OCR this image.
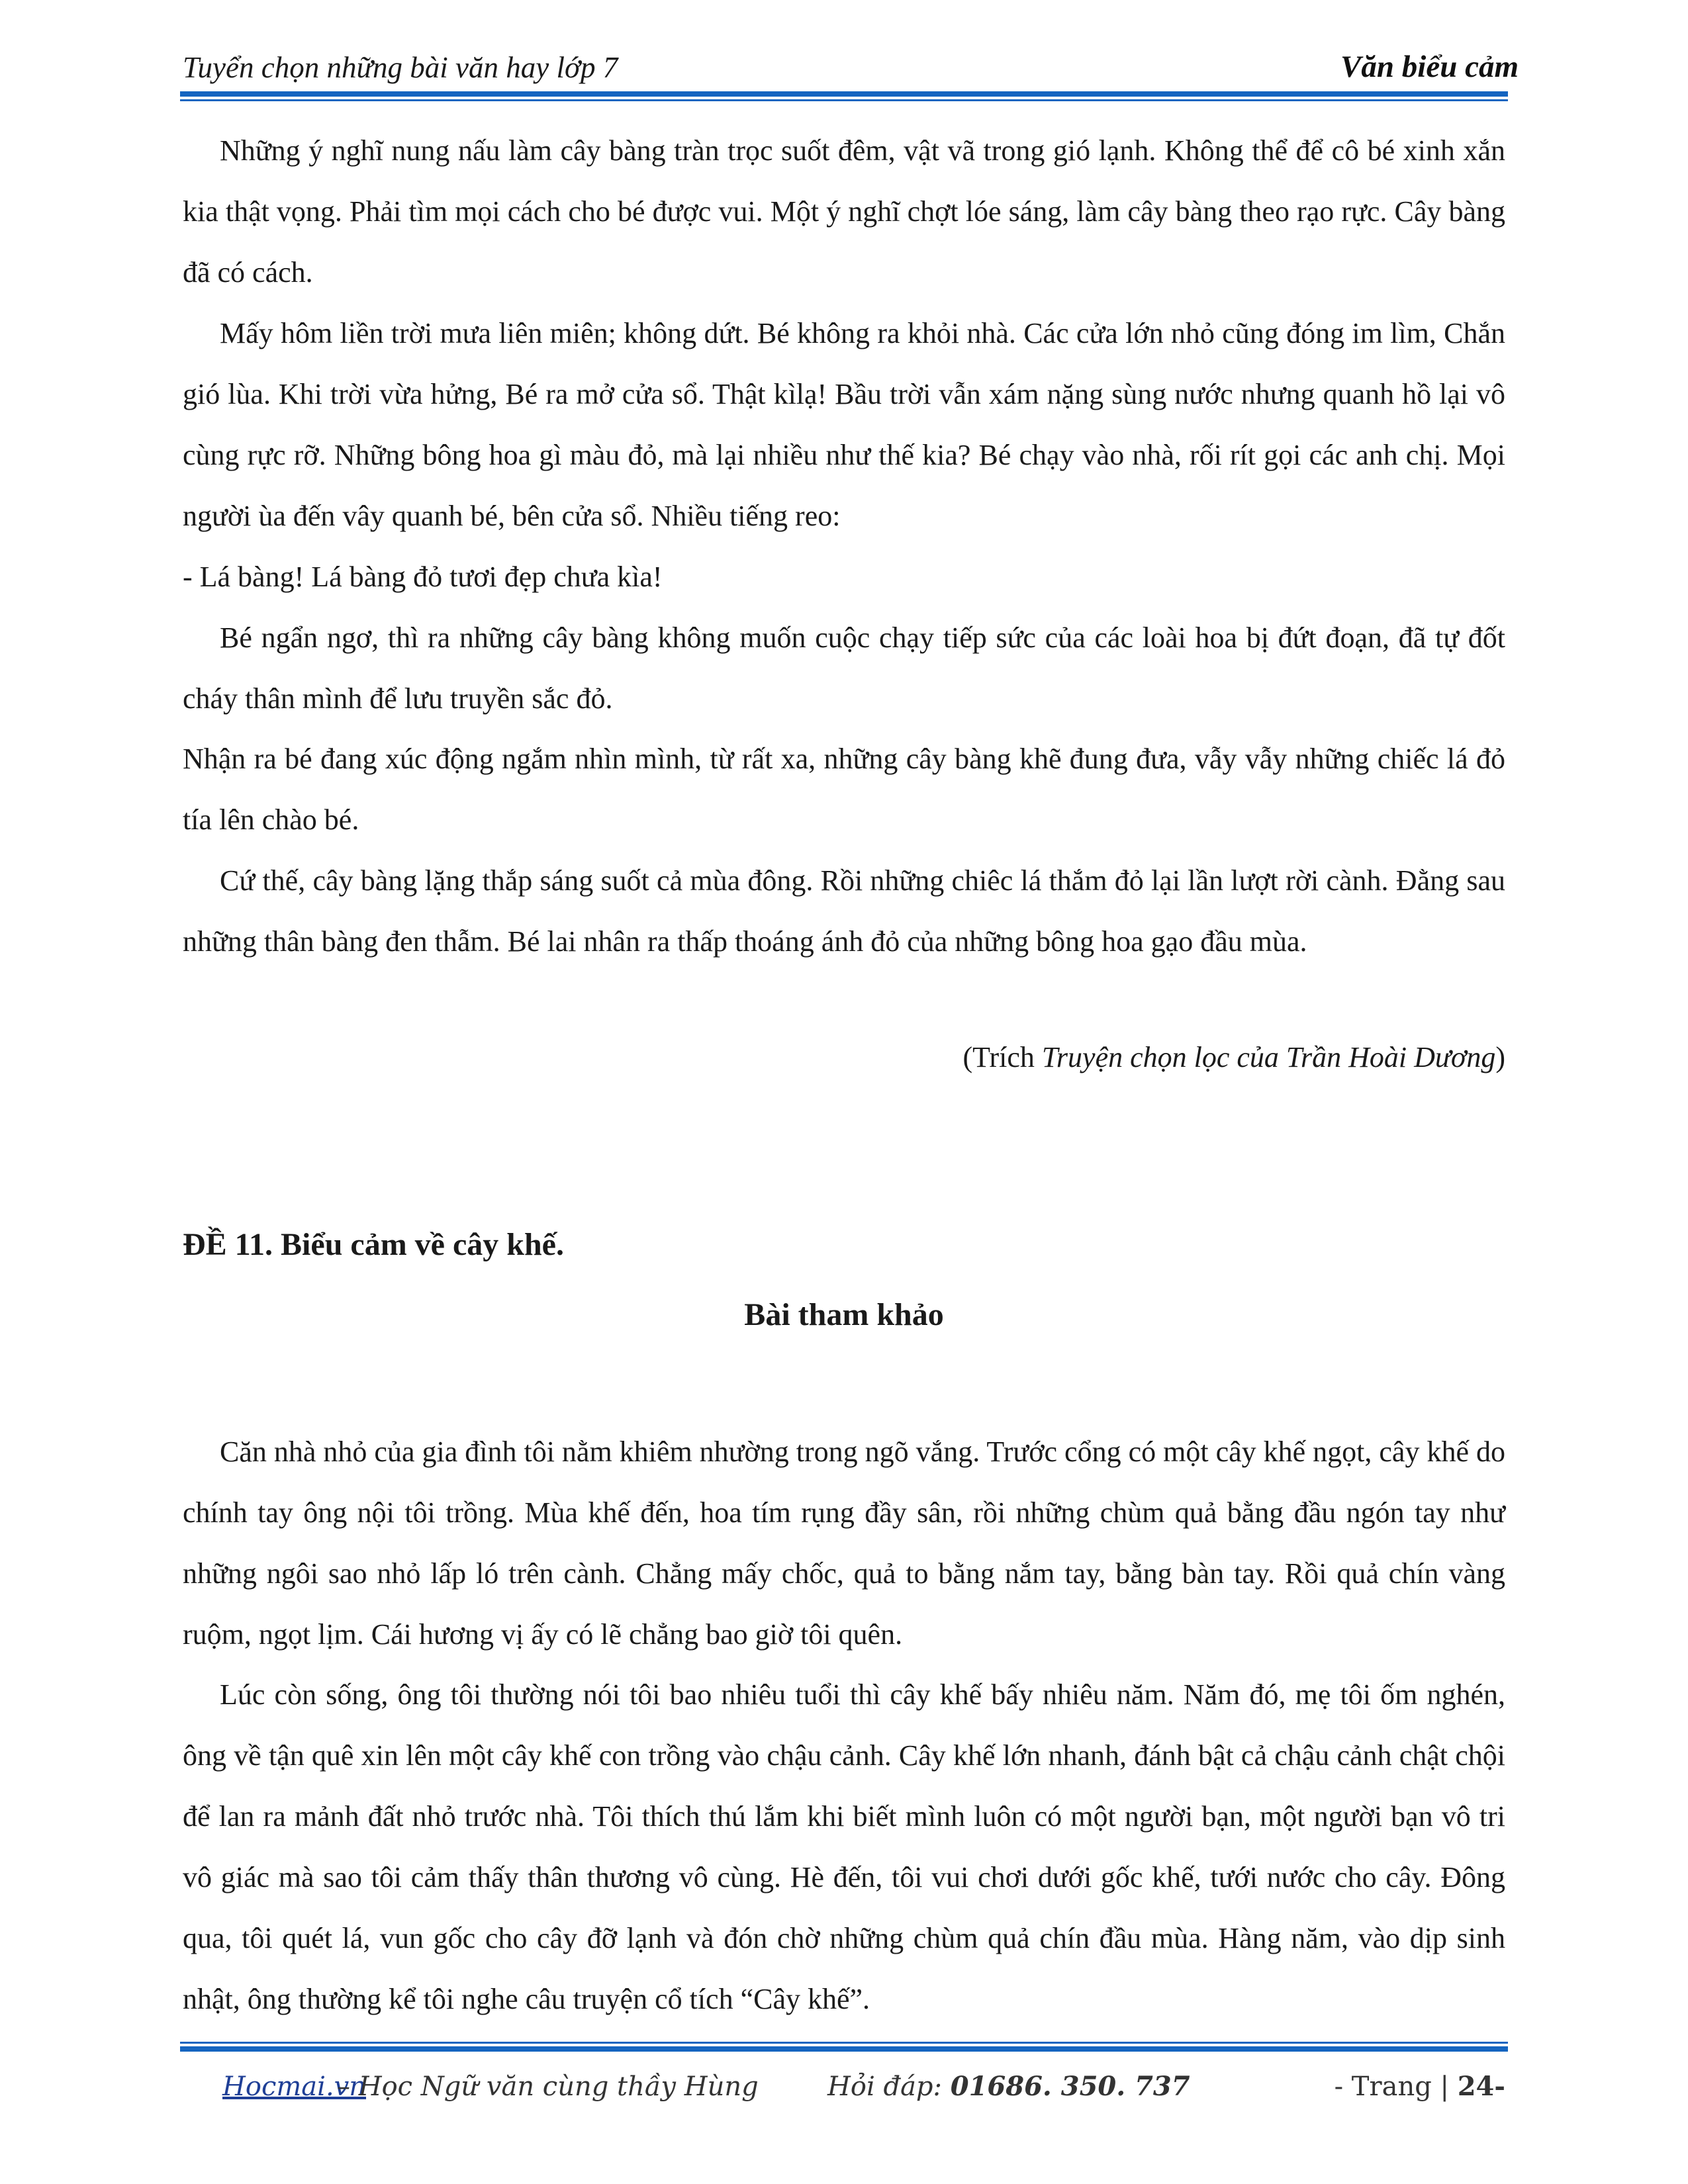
Tuyển chọn những bài văn hay lớp 7	Văn biểu cảm

Những ý nghĩ nung nấu làm cây bàng tràn trọc suốt đêm, vật vã trong gió lạnh. Không thể để cô bé xinh xắn kia thật vọng. Phải tìm mọi cách cho bé được vui. Một ý nghĩ chợt lóe sáng, làm cây bàng theo rạo rực. Cây bàng đã có cách.

Mấy hôm liền trời mưa liên miên; không dứt. Bé không ra khỏi nhà. Các cửa lớn nhỏ cũng đóng im lìm, Chắn gió lùa. Khi trời vừa hửng, Bé ra mở cửa sổ. Thật kìlạ! Bầu trời vẫn xám nặng sùng nước nhưng quanh hồ lại vô cùng rực rỡ. Những bông hoa gì màu đỏ, mà lại nhiều như thế kia? Bé chạy vào nhà, rối rít gọi các anh chị. Mọi người ùa đến vây quanh bé, bên cửa sổ. Nhiều tiếng reo:

- Lá bàng! Lá bàng đỏ tươi đẹp chưa kìa!

Bé ngẩn ngơ, thì ra những cây bàng không muốn cuộc chạy tiếp sức của các loài hoa bị đứt đoạn, đã tự đốt cháy thân mình để lưu truyền sắc đỏ.

Nhận ra bé đang xúc động ngắm nhìn mình, từ rất xa, những cây bàng khẽ đung đưa, vẫy vẫy những chiếc lá đỏ tía lên chào bé.

Cứ thế, cây bàng lặng thắp sáng suốt cả mùa đông. Rồi những chiêc lá thắm đỏ lại lần lượt rời cành. Đằng sau những thân bàng đen thẫm. Bé lai nhân ra thấp thoáng ánh đỏ của những bông hoa gạo đầu mùa.

(Trích Truyện chọn lọc của Trần Hoài Dương)
ĐỀ 11. Biểu cảm về cây khế.
Bài tham khảo

Căn nhà nhỏ của gia đình tôi nằm khiêm nhường trong ngõ vắng. Trước cổng có một cây khế ngọt, cây khế do chính tay ông nội tôi trồng. Mùa khế đến, hoa tím rụng đầy sân, rồi những chùm quả bằng đầu ngón tay như những ngôi sao nhỏ lấp ló trên cành. Chẳng mấy chốc, quả to bằng nắm tay, bằng bàn tay. Rồi quả chín vàng ruộm, ngọt lịm. Cái hương vị ấy có lẽ chẳng bao giờ tôi quên.

Lúc còn sống, ông tôi thường nói tôi bao nhiêu tuổi thì cây khế bấy nhiêu năm. Năm đó, mẹ tôi ốm nghén, ông về tận quê xin lên một cây khế con trồng vào chậu cảnh. Cây khế lớn nhanh, đánh bật cả chậu cảnh chật chội để lan ra mảnh đất nhỏ trước nhà. Tôi thích thú lắm khi biết mình luôn có một người bạn, một người bạn vô tri vô giác mà sao tôi cảm thấy thân thương vô cùng. Hè đến, tôi vui chơi dưới gốc khế, tưới nước cho cây. Đông qua, tôi quét lá, vun gốc cho cây đỡ lạnh và đón chờ những chùm quả chín đầu mùa. Hàng năm, vào dịp sinh nhật, ông thường kể tôi nghe câu truyện cổ tích “Cây khế”.

Hocmai.vn
– Học Ngữ văn cùng thầy Hùng	Hỏi đáp: 01686. 350. 737	- Trang | 24-
